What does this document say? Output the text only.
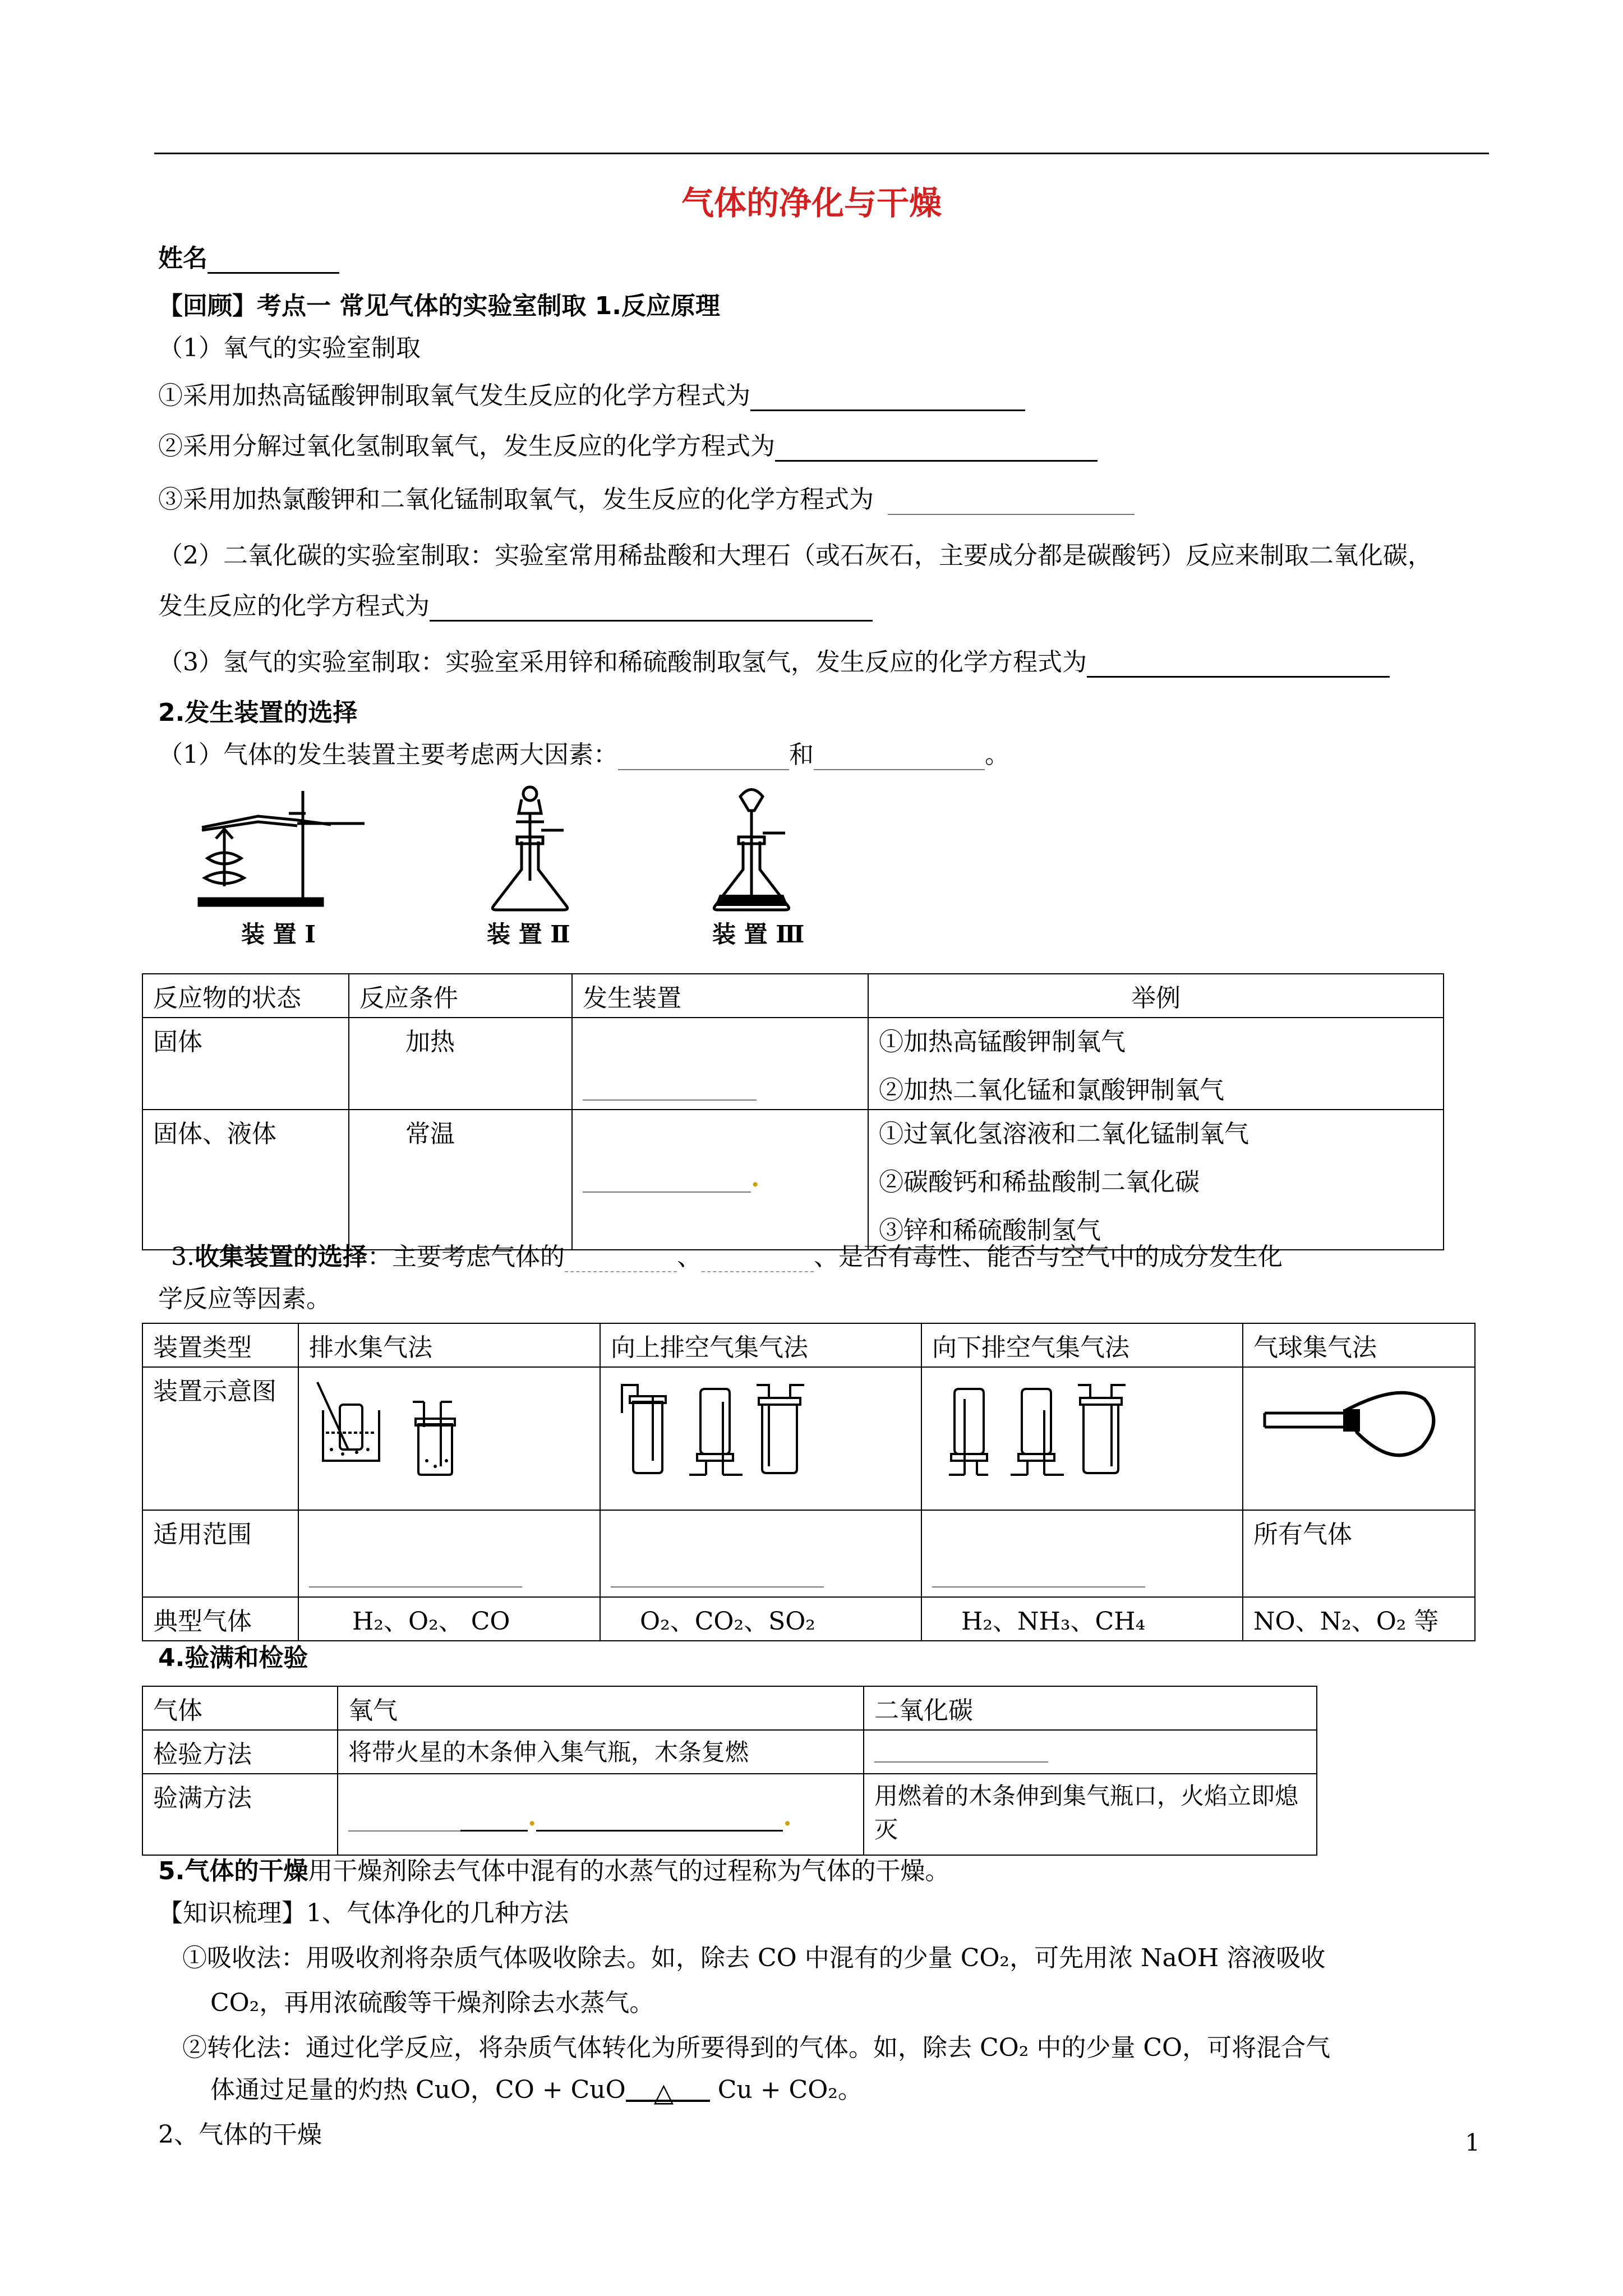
气体的净化与干燥
姓名
【回顾】考点一 常见气体的实验室制取 1.反应原理
（1）氧气的实验室制取
①采用加热高锰酸钾制取氧气发生反应的化学方程式为
②采用分解过氧化氢制取氧气，发生反应的化学方程式为
③采用加热氯酸钾和二氧化锰制取氧气，发生反应的化学方程式为
（2）二氧化碳的实验室制取：实验室常用稀盐酸和大理石（或石灰石，主要成分都是碳酸钙）反应来制取二氧化碳，
发生反应的化学方程式为
（3）氢气的实验室制取：实验室采用锌和稀硫酸制取氢气，发生反应的化学方程式为
2.发生装置的选择
（1）气体的发生装置主要考虑两大因素：	和	。
装 置 Ⅰ	装 置 Ⅱ	装 置 Ⅲ
反应物的状态	反应条件	发生装置	举例
固体	加热		①加热高锰酸钾制氧气
②加热二氧化锰和氯酸钾制氧气

固体、液体	常温	.	①过氧化氢溶液和二氧化锰制氧气
②碳酸钙和稀盐酸制二氧化碳
③锌和稀硫酸制氢气
3.收集装置的选择：主要考虑气体的	、	、是否有毒性、能否与空气中的成分发生化
学反应等因素。
装置类型	排水集气法	向上排空气集气法	向下排空气集气法	气球集气法
装置示意图				
适用范围				所有气体
典型气体	H₂、O₂、 CO	O₂、CO₂、SO₂	H₂、NH₃、CH₄	NO、N₂、O₂ 等
4.验满和检验
气体	氧气	二氧化碳
检验方法	将带火星的木条伸入集气瓶，木条复燃	
验满方法	. .	用燃着的木条伸到集气瓶口，火焰立即熄灭
5.气体的干燥用干燥剂除去气体中混有的水蒸气的过程称为气体的干燥。
【知识梳理】1、气体净化的几种方法
①吸收法：用吸收剂将杂质气体吸收除去。如，除去 CO 中混有的少量 CO₂，可先用浓 NaOH 溶液吸收
CO₂，再用浓硫酸等干燥剂除去水蒸气。
②转化法：通过化学反应，将杂质气体转化为所要得到的气体。如，除去 CO₂ 中的少量 CO，可将混合气
体通过足量的灼热 CuO，CO + CuO △ Cu + CO₂。
2、气体的干燥	1
